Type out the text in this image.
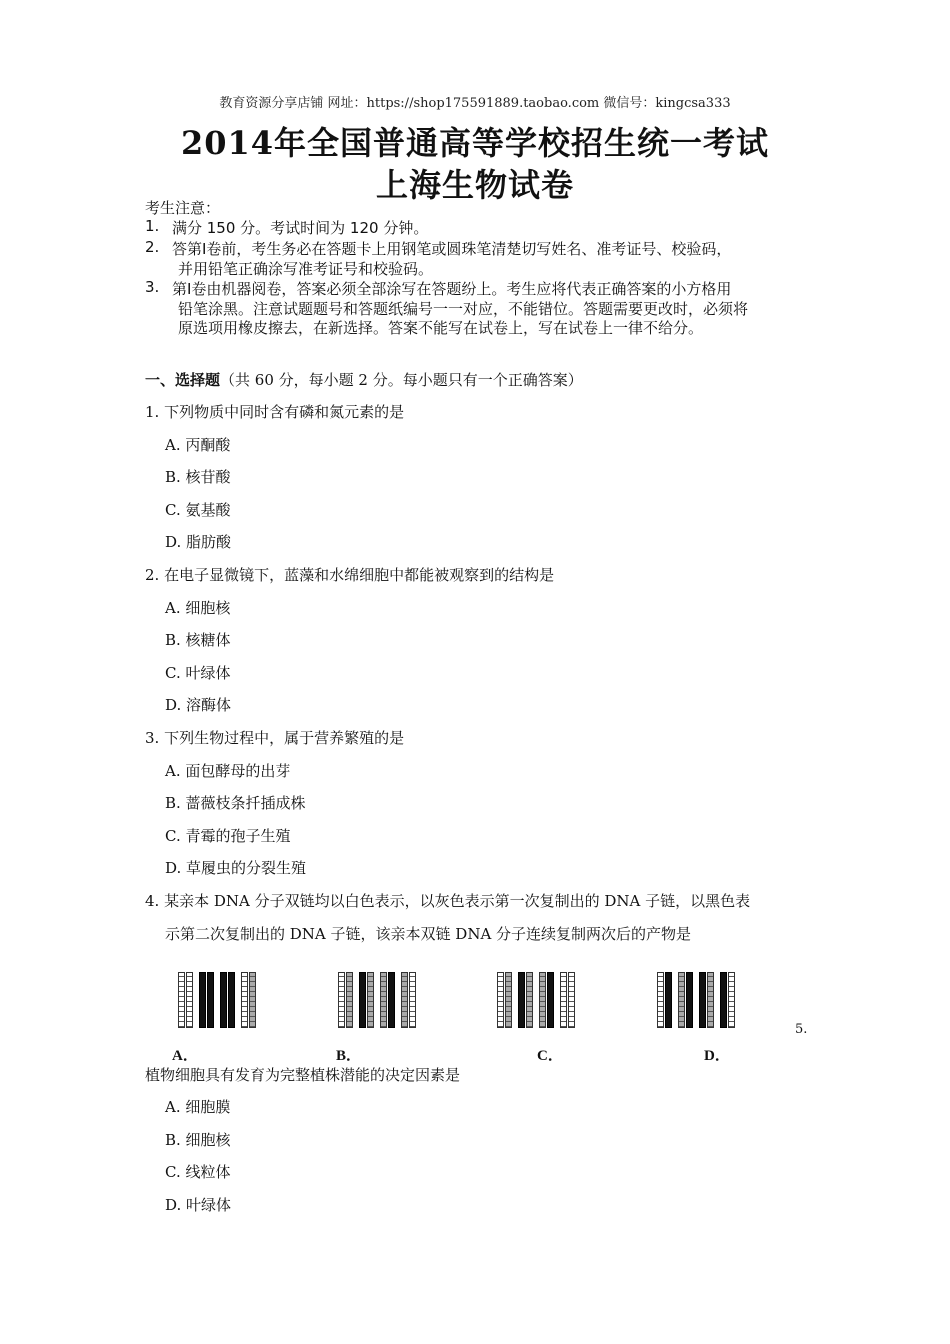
教育资源分享店铺 网址：https://shop175591889.taobao.com 微信号：kingcsa333
2014年全国普通高等学校招生统一考试
上海生物试卷
考生注意：
1. 满分 150 分。考试时间为 120 分钟。
2. 答第Ⅰ卷前，考生务必在答题卡上用钢笔或圆珠笔清楚切写姓名、准考证号、校验码，
并用铅笔正确涂写准考证号和校验码。
3. 第Ⅰ卷由机器阅卷，答案必须全部涂写在答题纷上。考生应将代表正确答案的小方格用
铅笔涂黑。注意试题题号和答题纸编号一一对应，不能错位。答题需要更改时，必须将
原选项用橡皮擦去，在新选择。答案不能写在试卷上，写在试卷上一律不给分。
一、选择题（共 60 分，每小题 2 分。每小题只有一个正确答案）
1. 下列物质中同时含有磷和氮元素的是
A. 丙酮酸
B. 核苷酸
C. 氨基酸
D. 脂肪酸
2. 在电子显微镜下，蓝藻和水绵细胞中都能被观察到的结构是
A. 细胞核
B. 核糖体
C. 叶绿体
D. 溶酶体
3. 下列生物过程中，属于营养繁殖的是
A. 面包酵母的出芽
B. 蔷薇枝条扦插成株
C. 青霉的孢子生殖
D. 草履虫的分裂生殖
4. 某亲本 DNA 分子双链均以白色表示，以灰色表示第一次复制出的 DNA 子链，以黑色表
示第二次复制出的 DNA 子链，该亲本双链 DNA 分子连续复制两次后的产物是
A．	B．	C．	D．
5.
植物细胞具有发育为完整植株潜能的决定因素是
A. 细胞膜
B. 细胞核
C. 线粒体
D. 叶绿体
